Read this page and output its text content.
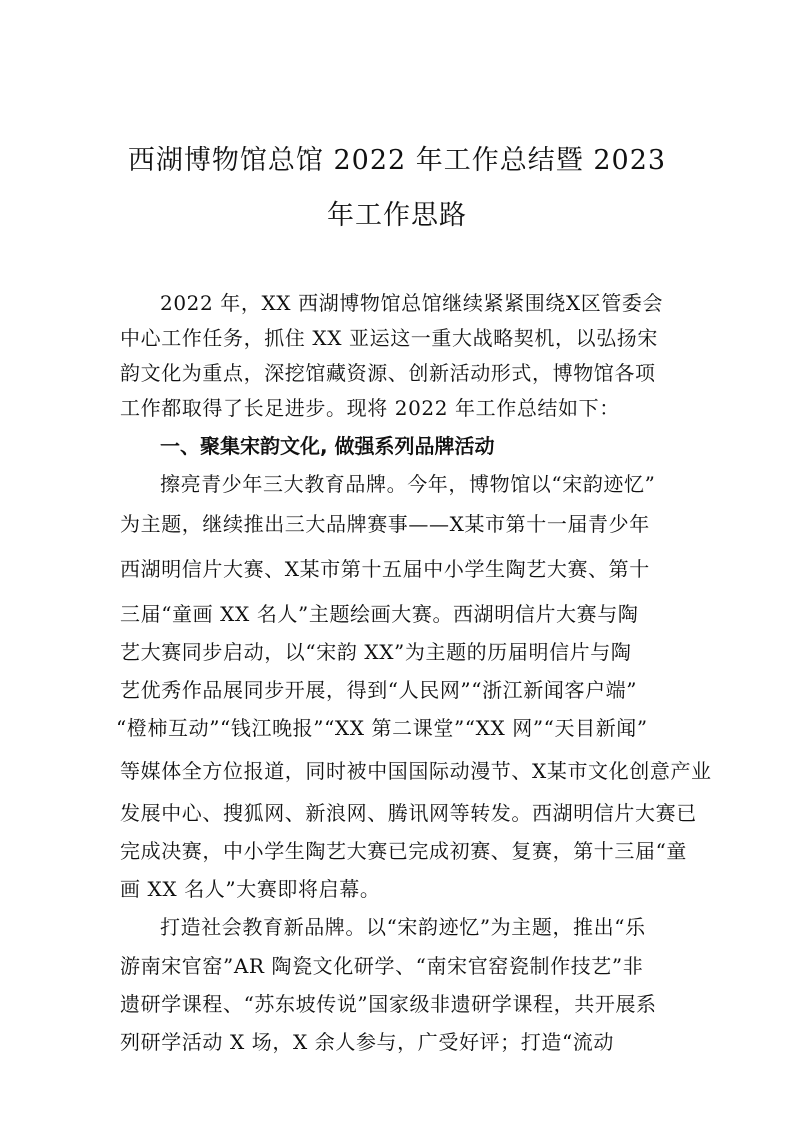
西湖博物馆总馆 2022 年工作总结暨 2023
年工作思路
2022 年，XX 西湖博物馆总馆继续紧紧围绕X区管委会
中心工作任务，抓住 XX 亚运这一重大战略契机，以弘扬宋
韵文化为重点，深挖馆藏资源、创新活动形式，博物馆各项
工作都取得了长足进步。现将 2022 年工作总结如下：
一、聚集宋韵文化, 做强系列品牌活动
擦亮青少年三大教育品牌。今年，博物馆以“宋韵迹忆”
为主题，继续推出三大品牌赛事——X某市第十一届青少年
西湖明信片大赛、X某市第十五届中小学生陶艺大赛、第十
三届“童画 XX 名人”主题绘画大赛。西湖明信片大赛与陶
艺大赛同步启动，以“宋韵 XX”为主题的历届明信片与陶
艺优秀作品展同步开展，得到“人民网”“浙江新闻客户端”
“橙柿互动”“钱江晚报”“XX 第二课堂”“XX 网”“天目新闻”
等媒体全方位报道，同时被中国国际动漫节、X某市文化创意产业
发展中心、搜狐网、新浪网、腾讯网等转发。西湖明信片大赛已
完成决赛，中小学生陶艺大赛已完成初赛、复赛，第十三届“童
画 XX 名人”大赛即将启幕。
打造社会教育新品牌。以“宋韵迹忆”为主题，推出“乐
游南宋官窑”AR 陶瓷文化研学、“南宋官窑瓷制作技艺”非
遗研学课程、“苏东坡传说”国家级非遗研学课程，共开展系
列研学活动 X 场，X 余人参与，广受好评；打造“流动
